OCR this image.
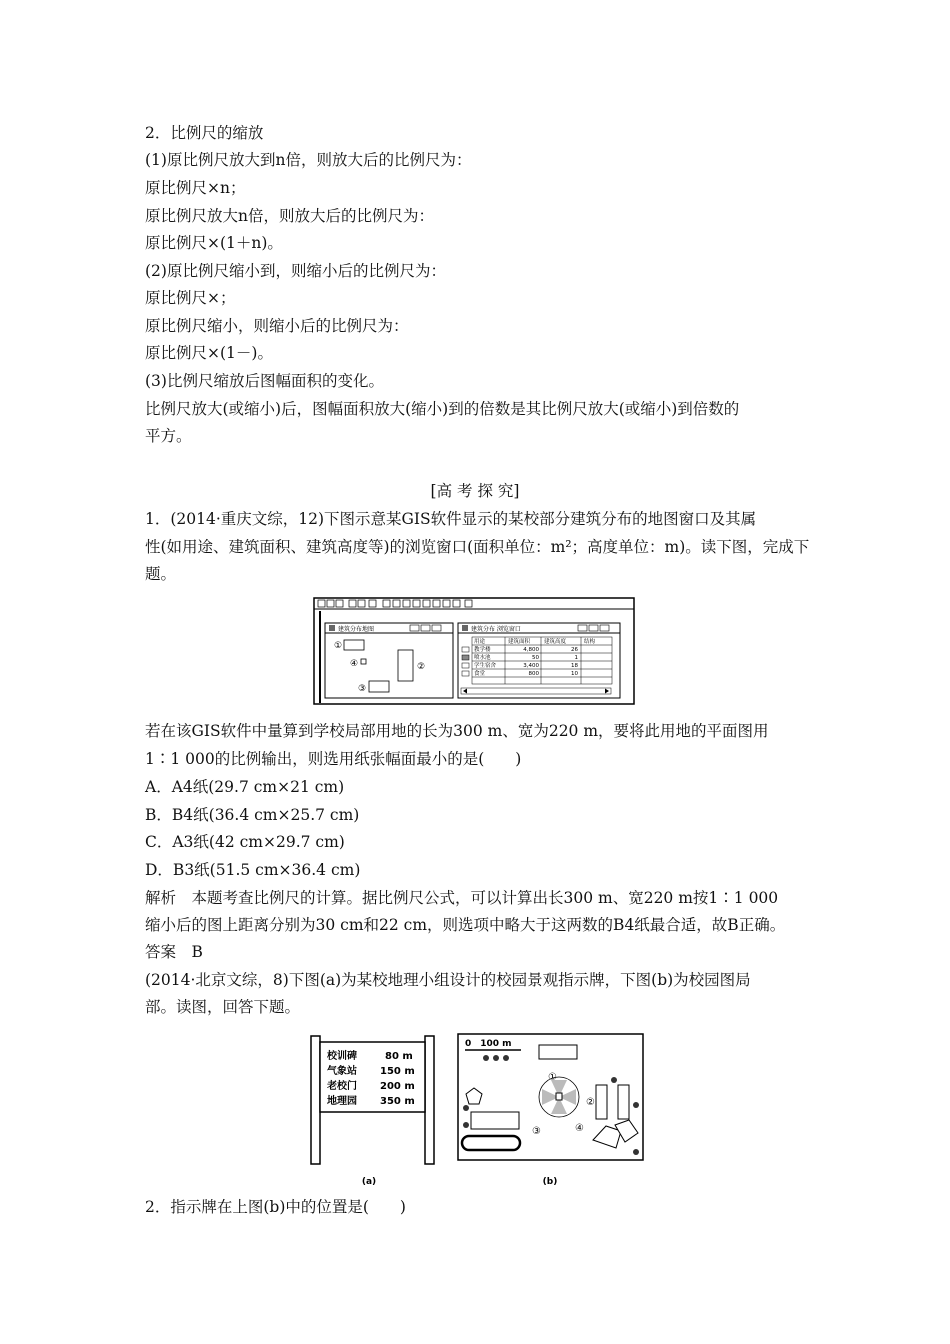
2．比例尺的缩放
(1)原比例尺放大到n倍，则放大后的比例尺为：
原比例尺×n；
原比例尺放大n倍，则放大后的比例尺为：
原比例尺×(1＋n)。
(2)原比例尺缩小到，则缩小后的比例尺为：
原比例尺×；
原比例尺缩小，则缩小后的比例尺为：
原比例尺×(1－)。
(3)比例尺缩放后图幅面积的变化。
比例尺放大(或缩小)后，图幅面积放大(缩小)到的倍数是其比例尺放大(或缩小)到倍数的
平方。
[高 考 探 究]
1．(2014·重庆文综，12)下图示意某GIS软件显示的某校部分建筑分布的地图窗口及其属
性(如用途、建筑面积、建筑高度等)的浏览窗口(面积单位：m²；高度单位：m)。读下图，完成下
题。
建筑分布地图
①
④	②
③
建筑分布 浏览窗口
用途	建筑面积	建筑高度	结构
教学楼	4,800	26
喷水池	50	1
学生宿舍	3,400	18
食堂	800	10
若在该GIS软件中量算到学校局部用地的长为300 m、宽为220 m，要将此用地的平面图用
1∶1 000的比例输出，则选用纸张幅面最小的是(　　)
A．A4纸(29.7 cm×21 cm)
B．B4纸(36.4 cm×25.7 cm)
C．A3纸(42 cm×29.7 cm)
D．B3纸(51.5 cm×36.4 cm)
解析　本题考查比例尺的计算。据比例尺公式，可以计算出长300 m、宽220 m按1∶1 000
缩小后的图上距离分别为30 cm和22 cm，则选项中略大于这两数的B4纸最合适，故B正确。
答案　B
(2014·北京文综，8)下图(a)为某校地理小组设计的校园景观指示牌，下图(b)为校园图局
部。读图，回答下题。
校训碑	80 m
气象站 150 m
老校门 200 m
地理园 350 m
(a)
0　100 m
①
②
③	④
(b)
2．指示牌在上图(b)中的位置是(　　)
